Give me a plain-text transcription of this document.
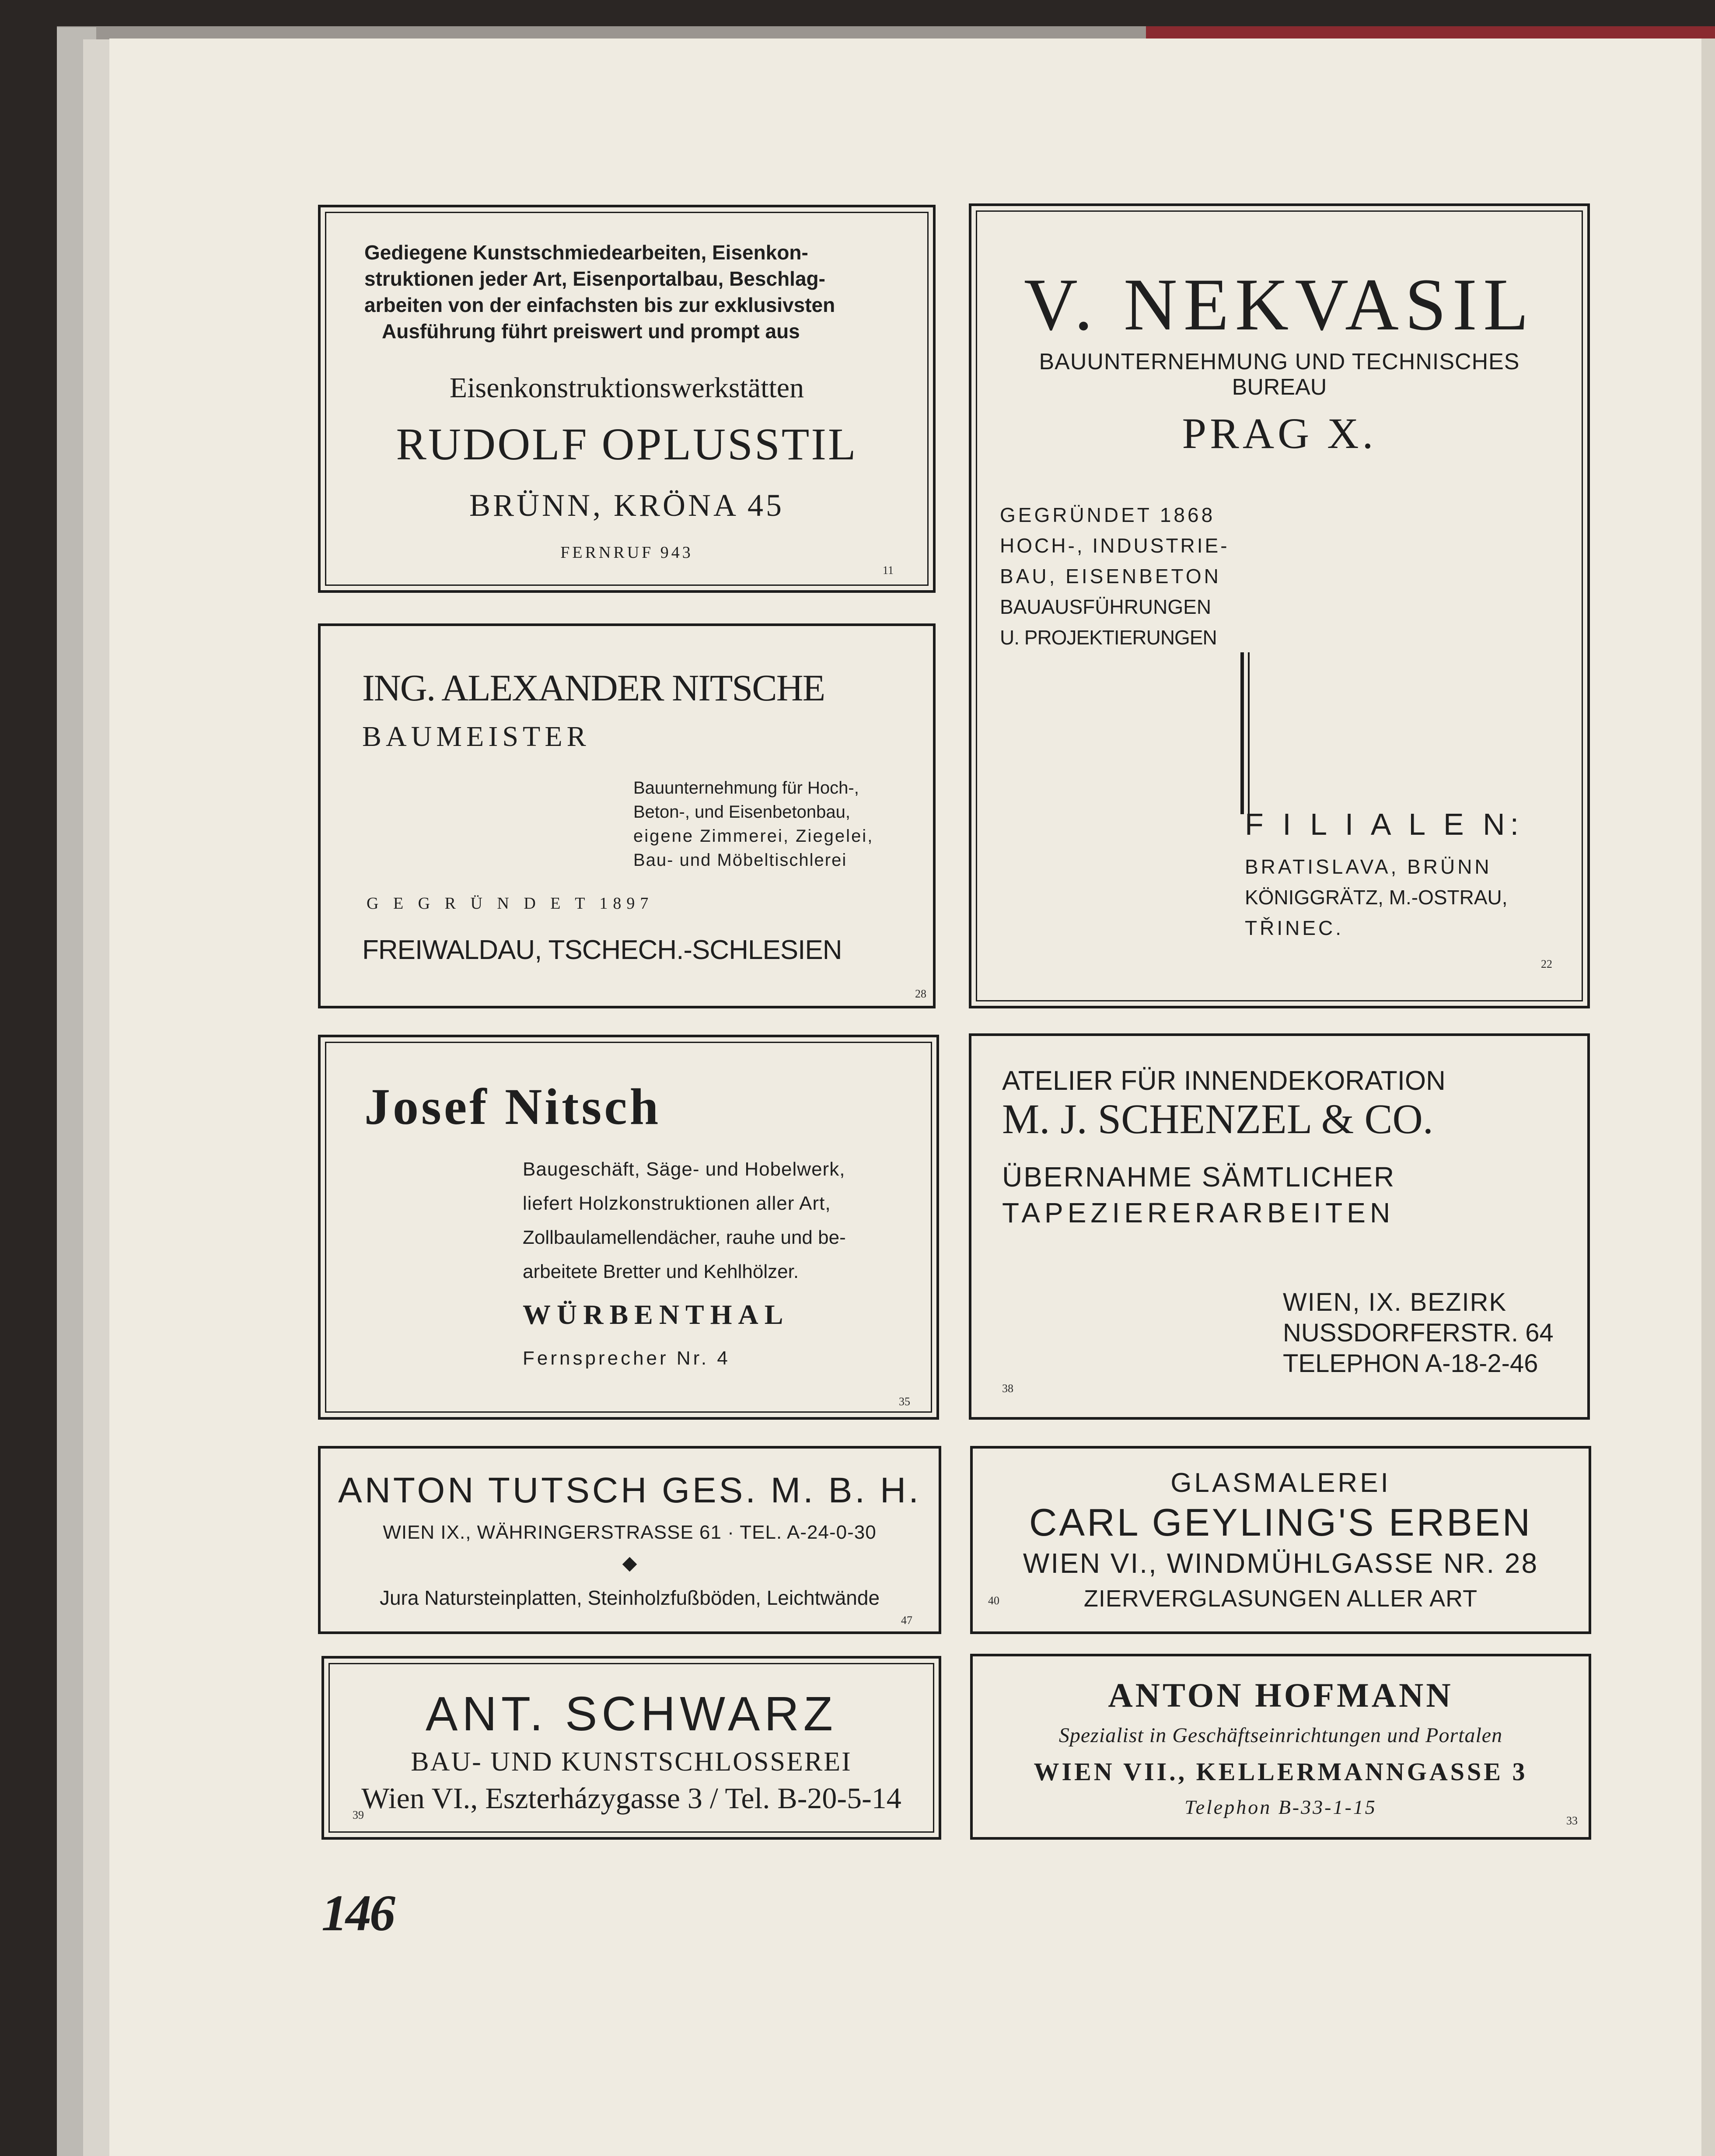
Gediegene Kunstschmiedearbeiten, Eisenkon-
struktionen jeder Art, Eisenportalbau, Beschlag-
arbeiten von der einfachsten bis zur exklusivsten
Ausführung führt preiswert und prompt aus
Eisenkonstruktionswerkstätten
RUDOLF OPLUSSTIL
BRÜNN, KRÖNA 45
FERNRUF 943
11
ING. ALEXANDER NITSCHE
BAUMEISTER
Bauunternehmung für Hoch-,
Beton-, und Eisenbetonbau,
eigene Zimmerei, Ziegelei,
Bau- und Möbeltischlerei
G E G R Ü N D E T 1897
FREIWALDAU, TSCHECH.-SCHLESIEN
28
V. NEKVASIL
BAUUNTERNEHMUNG UND TECHNISCHES
BUREAU
PRAG X.
GEGRÜNDET 1868
HOCH-, INDUSTRIE-
BAU, EISENBETON
BAUAUSFÜHRUNGEN
U. PROJEKTIERUNGEN
F I L I A L E N:
BRATISLAVA, BRÜNN
KÖNIGGRÄTZ, M.-OSTRAU,
TŘINEC.
22
Josef Nitsch
Baugeschäft, Säge- und Hobelwerk,
liefert Holzkonstruktionen aller Art,
Zollbaulamellendächer, rauhe und be-
arbeitete Bretter und Kehlhölzer.
WÜRBENTHAL
Fernsprecher Nr. 4
35
ATELIER FÜR INNENDEKORATION
M. J. SCHENZEL & CO.
ÜBERNAHME SÄMTLICHER
TAPEZIERERARBEITEN
WIEN, IX. BEZIRK
NUSSDORFERSTR. 64
TELEPHON A-18-2-46
38
ANTON TUTSCH GES. M. B. H.
WIEN IX., WÄHRINGERSTRASSE 61 · TEL. A-24-0-30
◆
Jura Natursteinplatten, Steinholzfußböden, Leichtwände
47
GLASMALEREI
CARL GEYLING'S ERBEN
WIEN VI., WINDMÜHLGASSE NR. 28
ZIERVERGLASUNGEN ALLER ART
40
ANT. SCHWARZ
BAU- UND KUNSTSCHLOSSEREI
Wien VI., Eszterházygasse 3 / Tel. B-20-5-14
39
ANTON HOFMANN
Spezialist in Geschäftseinrichtungen und Portalen
WIEN VII., KELLERMANNGASSE 3
Telephon B-33-1-15
33
146
